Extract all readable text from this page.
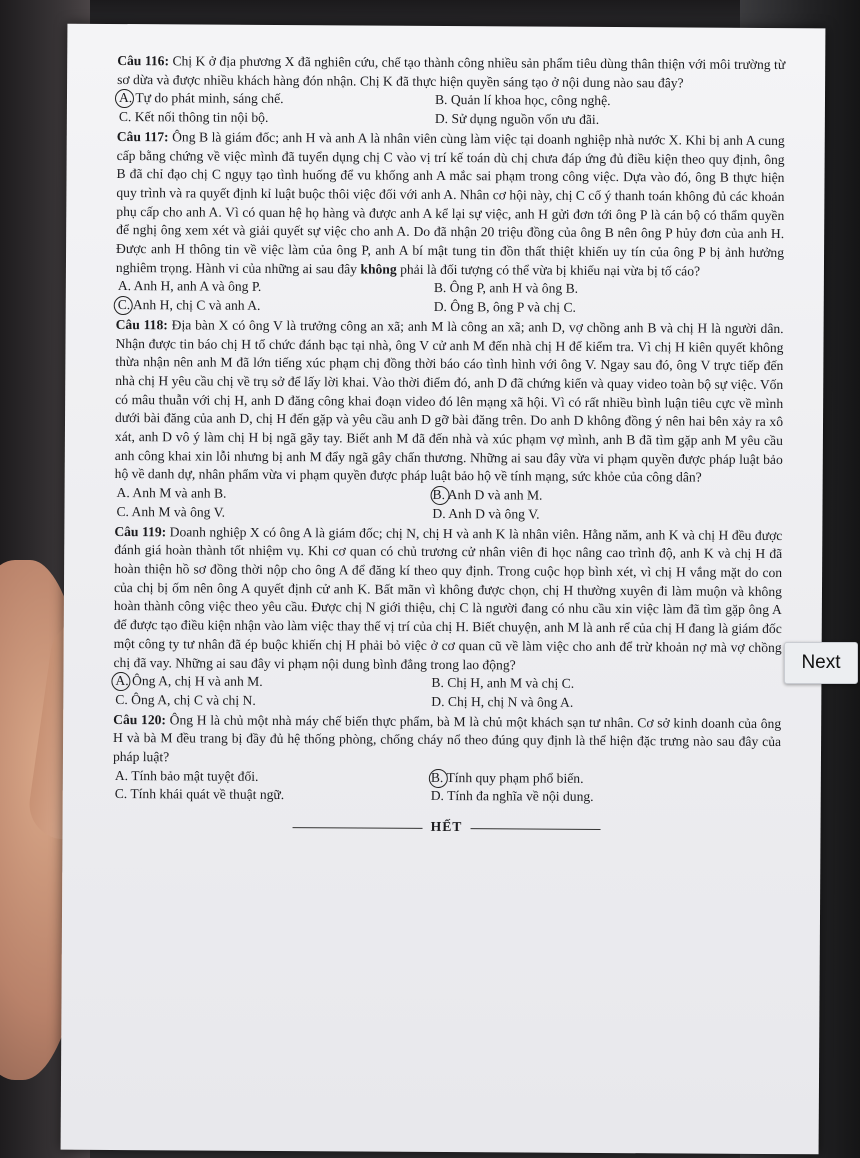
Câu 116: Chị K ở địa phương X đã nghiên cứu, chế tạo thành công nhiều sản phẩm tiêu dùng thân thiện với môi trường từ sơ dừa và được nhiều khách hàng đón nhận. Chị K đã thực hiện quyền sáng tạo ở nội dung nào sau đây?

A. Tự do phát minh, sáng chế.	B. Quản lí khoa học, công nghệ.
C. Kết nối thông tin nội bộ.	D. Sử dụng nguồn vốn ưu đãi.

Câu 117: Ông B là giám đốc; anh H và anh A là nhân viên cùng làm việc tại doanh nghiệp nhà nước X. Khi bị anh A cung cấp bằng chứng về việc mình đã tuyển dụng chị C vào vị trí kế toán dù chị chưa đáp ứng đủ điều kiện theo quy định, ông B đã chỉ đạo chị C ngụy tạo tình huống để vu khống anh A mắc sai phạm trong công việc. Dựa vào đó, ông B thực hiện quy trình và ra quyết định kỉ luật buộc thôi việc đối với anh A. Nhân cơ hội này, chị C cố ý thanh toán không đủ các khoản phụ cấp cho anh A. Vì có quan hệ họ hàng và được anh A kể lại sự việc, anh H gửi đơn tới ông P là cán bộ có thẩm quyền để nghị ông xem xét và giải quyết sự việc cho anh A. Do đã nhận 20 triệu đồng của ông B nên ông P hủy đơn của anh H. Được anh H thông tin về việc làm của ông P, anh A bí mật tung tin đồn thất thiệt khiến uy tín của ông P bị ảnh hưởng nghiêm trọng. Hành vi của những ai sau đây không phải là đối tượng có thể vừa bị khiếu nại vừa bị tố cáo?

A. Anh H, anh A và ông P.	B. Ông P, anh H và ông B.
C. Anh H, chị C và anh A.	D. Ông B, ông P và chị C.

Câu 118: Địa bàn X có ông V là trưởng công an xã; anh M là công an xã; anh D, vợ chồng anh B và chị H là người dân. Nhận được tin báo chị H tổ chức đánh bạc tại nhà, ông V cử anh M đến nhà chị H để kiểm tra. Vì chị H kiên quyết không thừa nhận nên anh M đã lớn tiếng xúc phạm chị đồng thời báo cáo tình hình với ông V. Ngay sau đó, ông V trực tiếp đến nhà chị H yêu cầu chị về trụ sở để lấy lời khai. Vào thời điểm đó, anh D đã chứng kiến và quay video toàn bộ sự việc. Vốn có mâu thuẫn với chị H, anh D đăng công khai đoạn video đó lên mạng xã hội. Vì có rất nhiều bình luận tiêu cực về mình dưới bài đăng của anh D, chị H đến gặp và yêu cầu anh D gỡ bài đăng trên. Do anh D không đồng ý nên hai bên xảy ra xô xát, anh D vô ý làm chị H bị ngã gãy tay. Biết anh M đã đến nhà và xúc phạm vợ mình, anh B đã tìm gặp anh M yêu cầu anh công khai xin lỗi nhưng bị anh M đẩy ngã gây chấn thương. Những ai sau đây vừa vi phạm quyền được pháp luật bảo hộ về danh dự, nhân phẩm vừa vi phạm quyền được pháp luật bảo hộ về tính mạng, sức khỏe của công dân?

A. Anh M và anh B.	B. Anh D và anh M.
C. Anh M và ông V.	D. Anh D và ông V.

Câu 119: Doanh nghiệp X có ông A là giám đốc; chị N, chị H và anh K là nhân viên. Hằng năm, anh K và chị H đều được đánh giá hoàn thành tốt nhiệm vụ. Khi cơ quan có chủ trương cử nhân viên đi học nâng cao trình độ, anh K và chị H đã hoàn thiện hồ sơ đồng thời nộp cho ông A để đăng kí theo quy định. Trong cuộc họp bình xét, vì chị H vắng mặt do con của chị bị ốm nên ông A quyết định cử anh K. Bất mãn vì không được chọn, chị H thường xuyên đi làm muộn và không hoàn thành công việc theo yêu cầu. Được chị N giới thiệu, chị C là người đang có nhu cầu xin việc làm đã tìm gặp ông A để được tạo điều kiện nhận vào làm việc thay thế vị trí của chị H. Biết chuyện, anh M là anh rể của chị H đang là giám đốc một công ty tư nhân đã ép buộc khiến chị H phải bỏ việc ở cơ quan cũ về làm việc cho anh để trừ khoản nợ mà vợ chồng chị đã vay. Những ai sau đây vi phạm nội dung bình đẳng trong lao động?

A. Ông A, chị H và anh M.	B. Chị H, anh M và chị C.
C. Ông A, chị C và chị N.	D. Chị H, chị N và ông A.

Câu 120: Ông H là chủ một nhà máy chế biến thực phẩm, bà M là chủ một khách sạn tư nhân. Cơ sở kinh doanh của ông H và bà M đều trang bị đầy đủ hệ thống phòng, chống cháy nổ theo đúng quy định là thể hiện đặc trưng nào sau đây của pháp luật?

A. Tính bảo mật tuyệt đối.	B. Tính quy phạm phổ biến.
C. Tính khái quát về thuật ngữ.	D. Tính đa nghĩa về nội dung.
HẾT
Next
